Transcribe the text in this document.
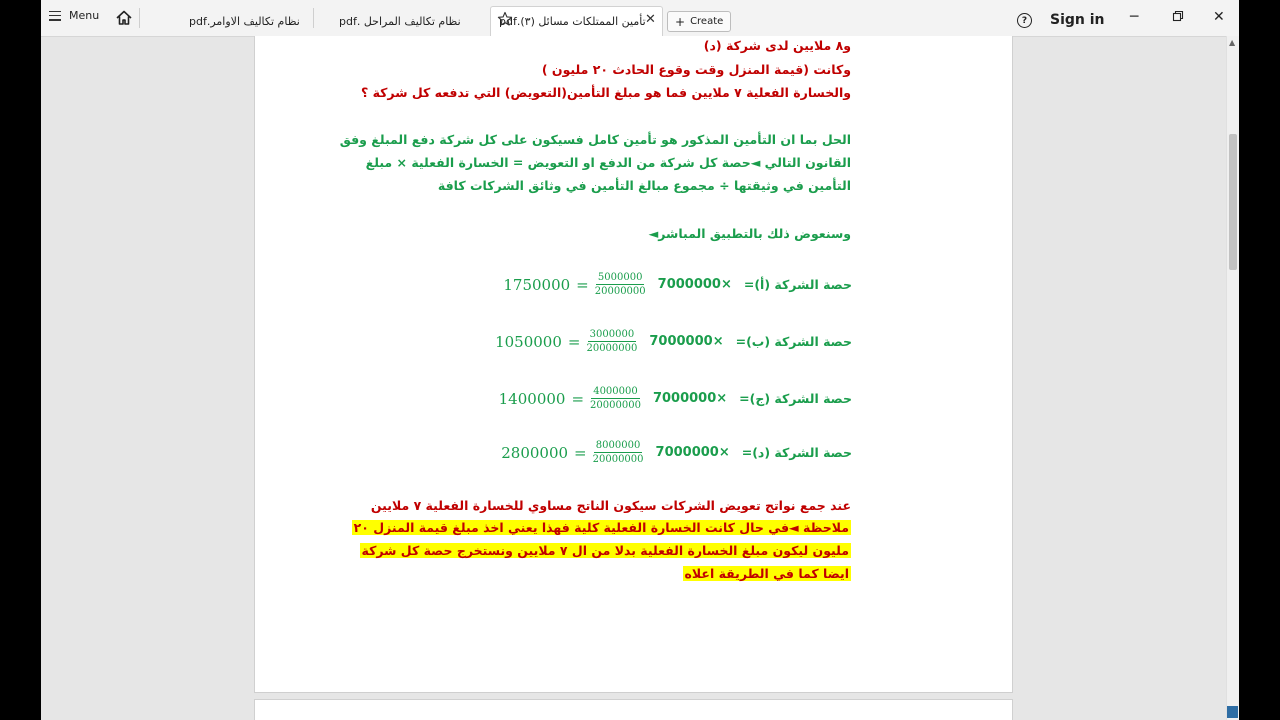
Menu	نظام تكاليف الاوامر.pdf	نظام تكاليف المراحل .pdf	تأمين الممتلكات مسائل (٣).pdf ✕ + Create	?	Sign in ─	✕
و٨ ملايين لدى شركة (د)
وكانت (قيمة المنزل وقت وقوع الحادث ٢٠ مليون )
والخسارة الفعلية ٧ ملايين فما هو مبلغ التأمين(التعويض) التي تدفعه كل شركة ؟
الحل بما ان التأمين المذكور هو تأمين كامل فسيكون على كل شركة دفع المبلغ وفق
القانون التالي ◄حصة كل شركة من الدفع او التعويض = الخسارة الفعلية × مبلغ
التأمين في وثيقتها ÷ مجموع مبالغ التأمين في وثائق الشركات كافة
وسنعوض ذلك بالتطبيق المباشر◄
$1750000 = \frac{5000000}{20000000} 7000000\times$ حصة الشركة (أ)=
$1050000 = \frac{3000000}{20000000} 7000000\times$ حصة الشركة (ب)=
$1400000 = \frac{4000000}{20000000} 7000000\times$ حصة الشركة (ج)=
$2800000 = \frac{8000000}{20000000} 7000000\times$ حصة الشركة (د)=
عند جمع نواتج تعويض الشركات سيكون الناتج مساوي للخسارة الفعلية ٧ ملايين
ملاحظة ◄في حال كانت الخسارة الفعلية كلية فهذا يعني اخذ مبلغ قيمة المنزل ٢٠
مليون ليكون مبلغ الخسارة الفعلية بدلا من ال ٧ ملايين ونستخرج حصة كل شركة
ايضا كما في الطريقة اعلاه
▲
